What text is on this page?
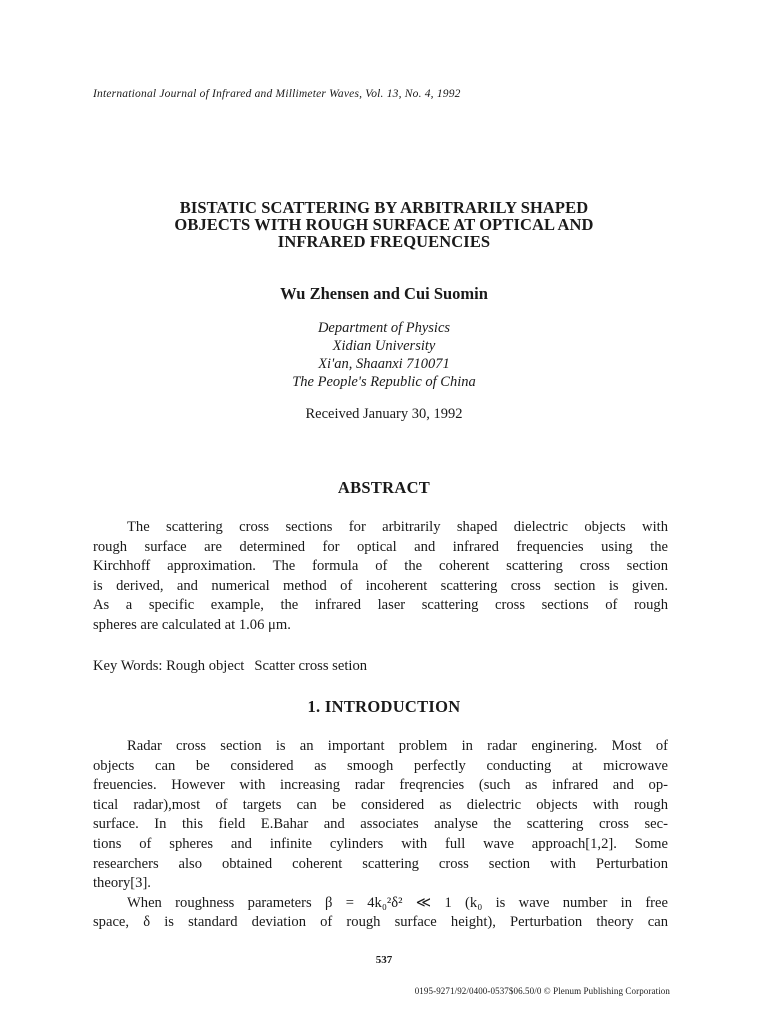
International Journal of Infrared and Millimeter Waves, Vol. 13, No. 4, 1992
BISTATIC SCATTERING BY ARBITRARILY SHAPED
OBJECTS WITH ROUGH SURFACE AT OPTICAL AND
INFRARED FREQUENCIES
Wu Zhensen and Cui Suomin
Department of Physics
Xidian University
Xi'an, Shaanxi 710071
The People's Republic of China
Received January 30, 1992
ABSTRACT
The scattering cross sections for arbitrarily shaped dielectric objects with
rough surface are determined for optical and infrared frequencies using the
Kirchhoff approximation. The formula of the coherent scattering cross section
is derived, and numerical method of incoherent scattering cross section is given.
As a specific example, the infrared laser scattering cross sections of rough
spheres are calculated at 1.06 μm.
Key Words: Rough object Scatter cross setion
1. INTRODUCTION
Radar cross section is an important problem in radar enginering. Most of
objects can be considered as smoogh perfectly conducting at microwave
freuencies. However with increasing radar freqrencies (such as infrared and op-
tical radar),most of targets can be considered as dielectric objects with rough
surface. In this field E.Bahar and associates analyse the scattering cross sec-
tions of spheres and infinite cylinders with full wave approach[1,2]. Some
researchers also obtained coherent scattering cross section with Perturbation
theory[3].
When roughness parameters β = 4k₀²δ² ≪ 1 (k₀ is wave number in free
space, δ is standard deviation of rough surface height), Perturbation theory can
537
0195-9271/92/0400-0537$06.50/0 © Plenum Publishing Corporation
